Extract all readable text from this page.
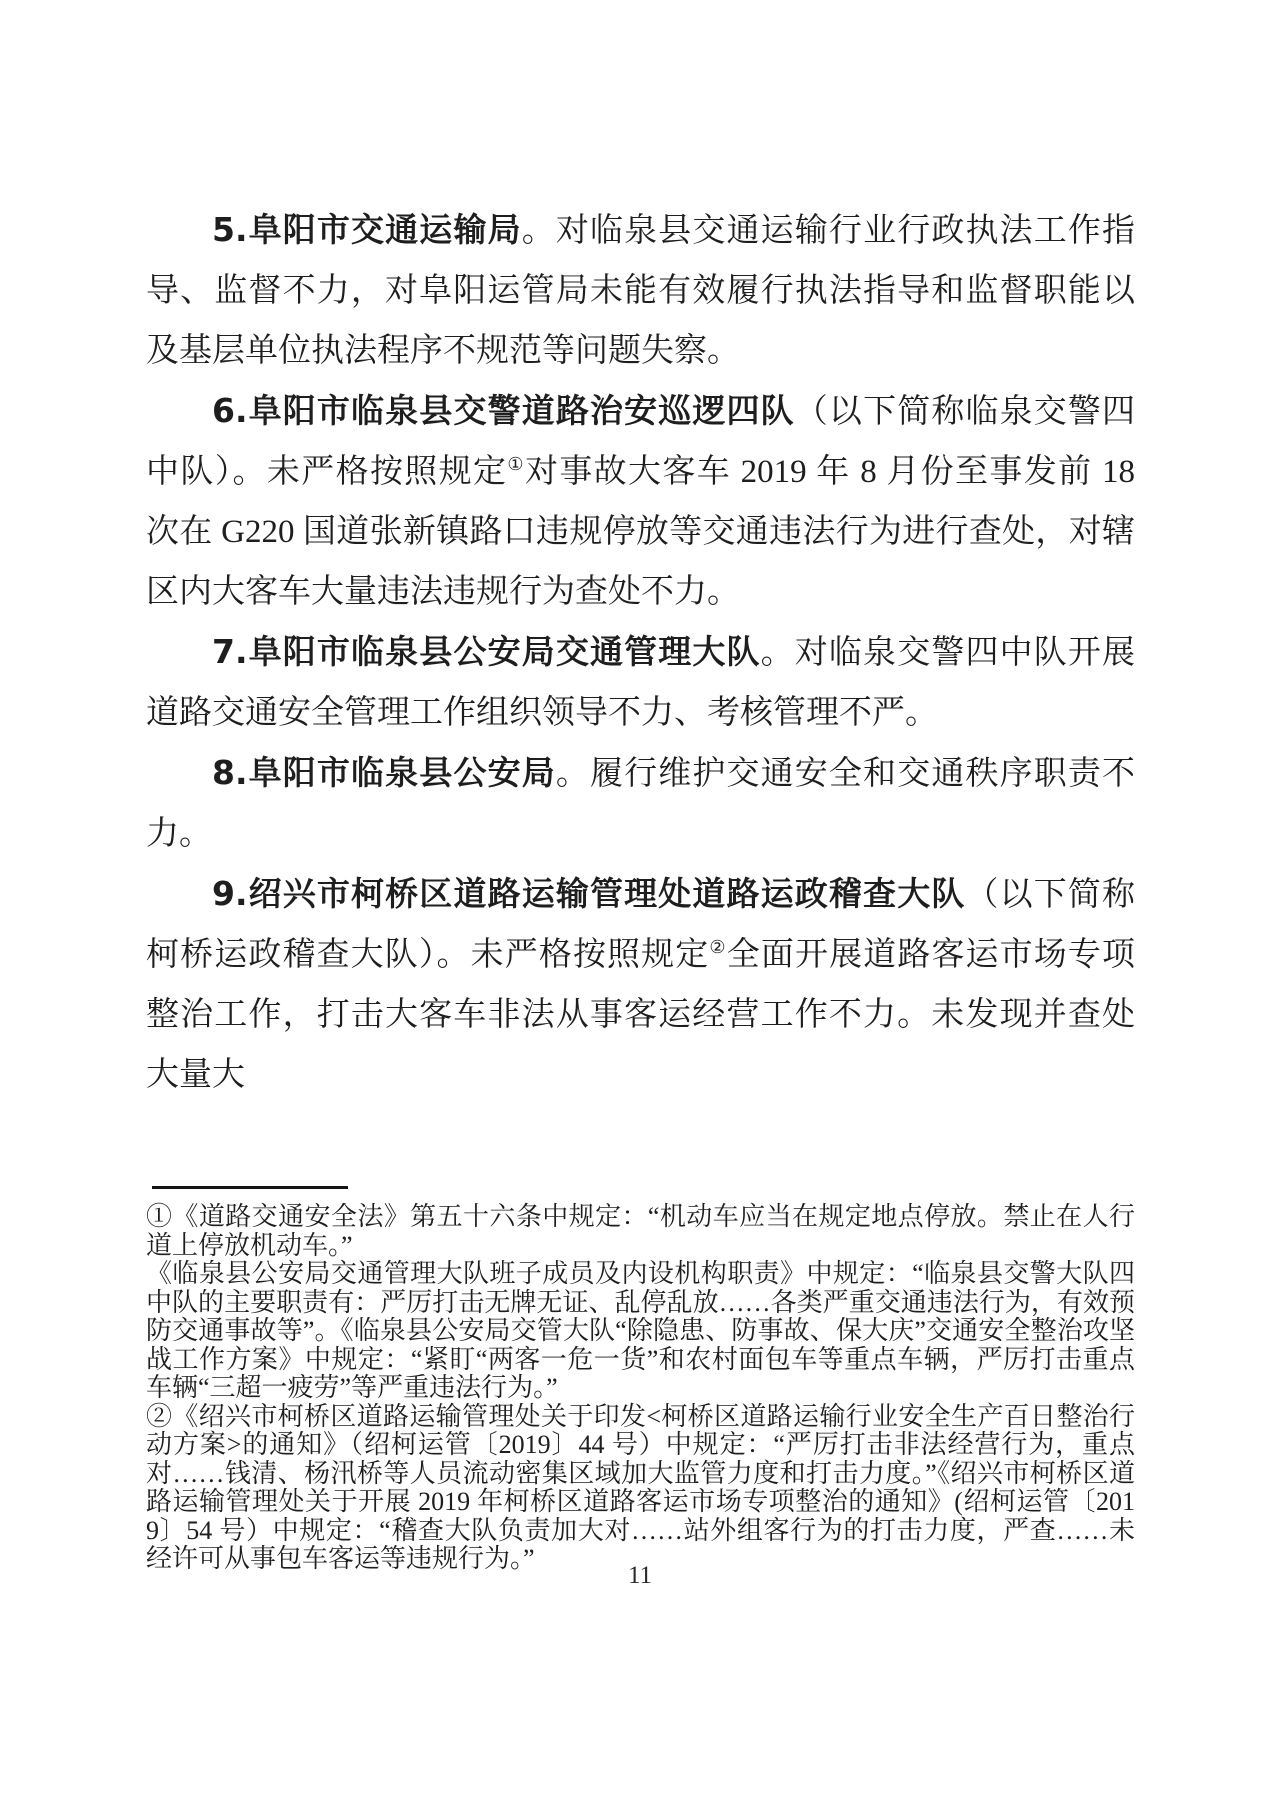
5.阜阳市交通运输局。对临泉县交通运输行业行政执法工作指导、监督不力，对阜阳运管局未能有效履行执法指导和监督职能以及基层单位执法程序不规范等问题失察。

6.阜阳市临泉县交警道路治安巡逻四队（以下简称临泉交警四中队）。未严格按照规定①对事故大客车 2019 年 8 月份至事发前 18 次在 G220 国道张新镇路口违规停放等交通违法行为进行查处，对辖区内大客车大量违法违规行为查处不力。

7.阜阳市临泉县公安局交通管理大队。对临泉交警四中队开展道路交通安全管理工作组织领导不力、考核管理不严。

8.阜阳市临泉县公安局。履行维护交通安全和交通秩序职责不力。

9.绍兴市柯桥区道路运输管理处道路运政稽查大队（以下简称柯桥运政稽查大队）。未严格按照规定②全面开展道路客运市场专项整治工作，打击大客车非法从事客运经营工作不力。未发现并查处大量大

①《道路交通安全法》第五十六条中规定：“机动车应当在规定地点停放。禁止在人行道上停放机动车。”

《临泉县公安局交通管理大队班子成员及内设机构职责》中规定：“临泉县交警大队四中队的主要职责有：严厉打击无牌无证、乱停乱放……各类严重交通违法行为，有效预防交通事故等”。《临泉县公安局交管大队“除隐患、防事故、保大庆”交通安全整治攻坚战工作方案》中规定：“紧盯“两客一危一货”和农村面包车等重点车辆，严厉打击重点车辆“三超一疲劳”等严重违法行为。”

②《绍兴市柯桥区道路运输管理处关于印发<柯桥区道路运输行业安全生产百日整治行动方案>的通知》（绍柯运管〔2019〕44 号）中规定：“严厉打击非法经营行为，重点对……钱清、杨汛桥等人员流动密集区域加大监管力度和打击力度。”《绍兴市柯桥区道路运输管理处关于开展 2019 年柯桥区道路客运市场专项整治的通知》(绍柯运管〔2019〕54 号）中规定：“稽查大队负责加大对……站外组客行为的打击力度，严查……未经许可从事包车客运等违规行为。”

11
